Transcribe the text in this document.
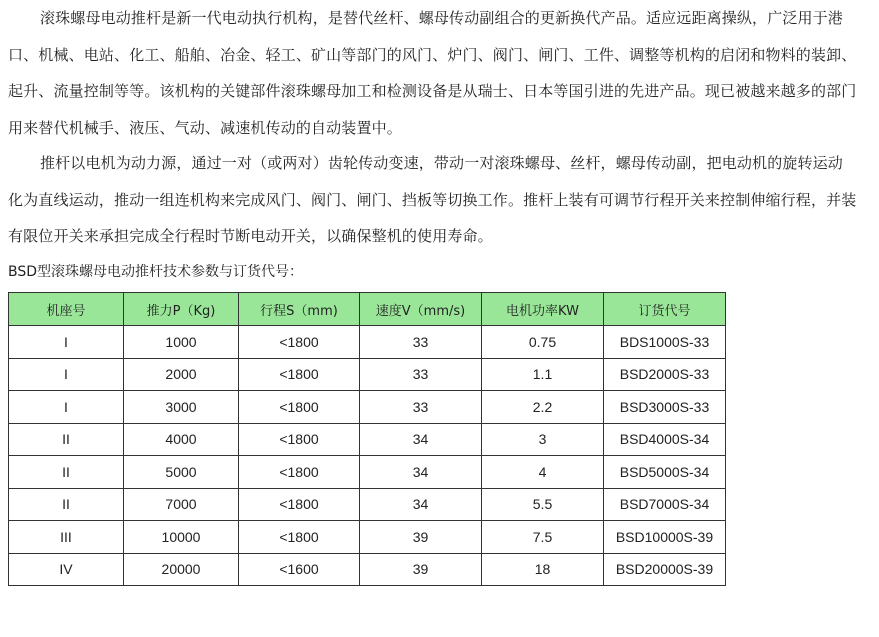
滚珠螺母电动推杆是新一代电动执行机构，是替代丝杆、螺母传动副组合的更新换代产品。适应远距离操纵，广泛用于港口、机械、电站、化工、船舶、冶金、轻工、矿山等部门的风门、炉门、阀门、闸门、工件、调整等机构的启闭和物料的装卸、起升、流量控制等等。该机构的关键部件滚珠螺母加工和检测设备是从瑞士、日本等国引进的先进产品。现已被越来越多的部门用来替代机械手、液压、气动、减速机传动的自动装置中。

推杆以电机为动力源，通过一对（或两对）齿轮传动变速，带动一对滚珠螺母、丝杆，螺母传动副，把电动机的旋转运动化为直线运动，推动一组连机构来完成风门、阀门、闸门、挡板等切换工作。推杆上装有可调节行程开关来控制伸缩行程，并装有限位开关来承担完成全行程时节断电动开关，以确保整机的使用寿命。

BSD型滚珠螺母电动推杆技术参数与订货代号：
机座号	推力P（Kg)	行程S（mm)	速度V（mm/s)	电机功率KW	订货代号
I	1000	<1800	33	0.75	BDS1000S-33
I	2000	<1800	33	1.1	BSD2000S-33
I	3000	<1800	33	2.2	BSD3000S-33
II	4000	<1800	34	3	BSD4000S-34
II	5000	<1800	34	4	BSD5000S-34
II	7000	<1800	34	5.5	BSD7000S-34
III	10000	<1800	39	7.5	BSD10000S-39
IV	20000	<1600	39	18	BSD20000S-39
